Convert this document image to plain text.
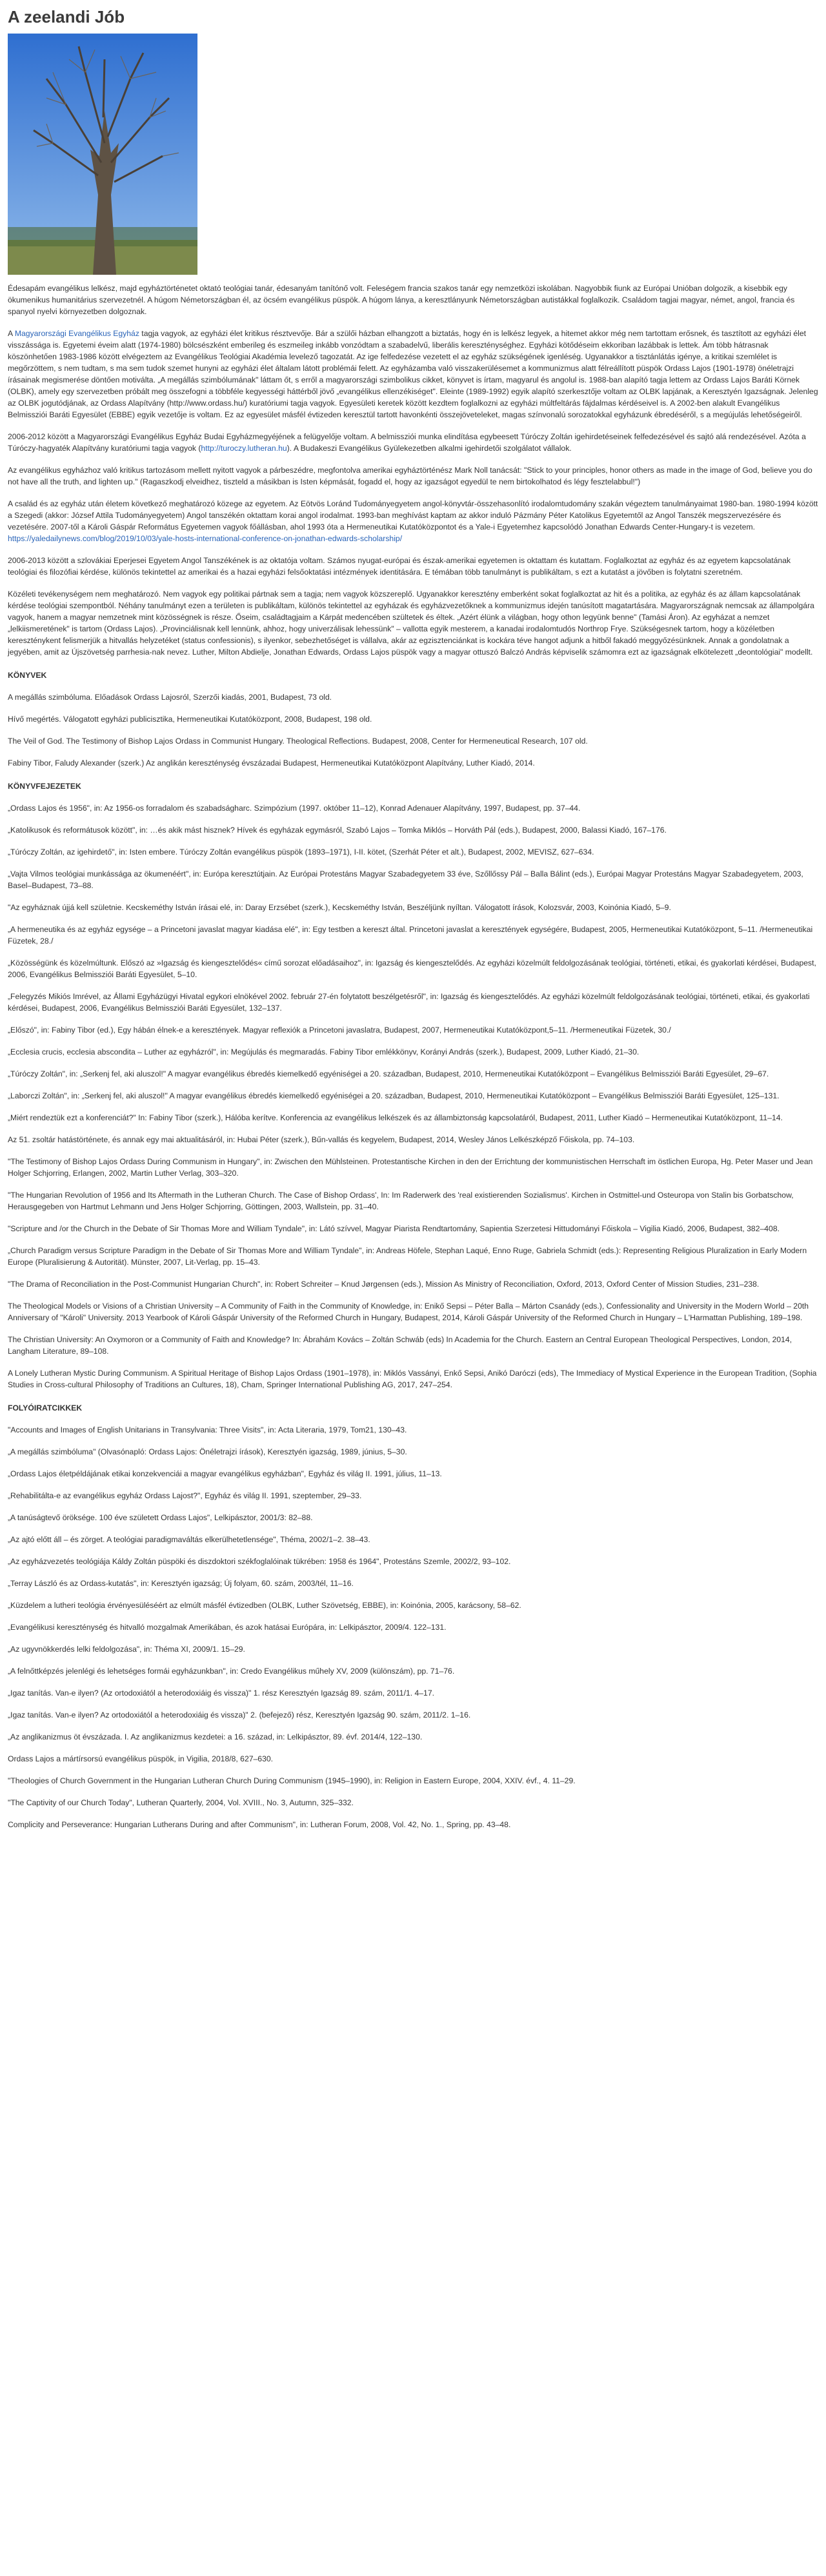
A zeelandi Jób

Édesapám evangélikus lelkész, majd egyháztörténetet oktató teológiai tanár, édesanyám tanítónő volt. Feleségem francia szakos tanár egy nemzetközi iskolában. Nagyobbik fiunk az Európai Unióban dolgozik, a kisebbik egy ökumenikus humanitárius szervezetnél. A húgom Németországban él, az öcsém evangélikus püspök. A húgom lánya, a keresztlányunk Németországban autistákkal foglalkozik. Családom tagjai magyar, német, angol, francia és spanyol nyelvi környezetben dolgoznak.

A Magyarországi Evangélikus Egyház tagja vagyok, az egyházi élet kritikus résztvevője. Bár a szülői házban elhangzott a biztatás, hogy én is lelkész legyek, a hitemet akkor még nem tartottam erősnek, és tasztított az egyházi élet visszássága is. Egyetemi éveim alatt (1974-1980) bölcsészként emberileg és eszmeileg inkább vonzódtam a szabadelvű, liberális kereszténységhez. Egyházi kötődéseim ekkoriban lazábbak is lettek. Ám több hátrasnak köszönhetően 1983-1986 között elvégeztem az Evangélikus Teológiai Akadémia levelező tagozatát. Az ige felfedezése vezetett el az egyház szükségének igenléség. Ugyanakkor a tisztánlátás igénye, a kritikai szemlélet is megőrzöttem, s nem tudtam, s ma sem tudok szemet hunyni az egyházi élet általam látott problémái felett. Az egyházamba való visszakerülésemet a kommunizmus alatt félreállított püspök Ordass Lajos (1901-1978) önéletrajzi írásainak megismerése döntően motiválta. „A megállás szimbólumának" láttam őt, s erről a magyarországi szimbolikus cikket, könyvet is írtam, magyarul és angolul is. 1988-ban alapító tagja lettem az Ordass Lajos Baráti Körnek (OLBK), amely egy szervezetben próbált meg összefogni a többféle kegyességi háttérből jövő „evangélikus ellenzékiséget". Eleinte (1989-1992) egyik alapító szerkesztője voltam az OLBK lapjának, a Keresztyén Igazságnak. Jelenleg az OLBK jogutódjának, az Ordass Alapítvány (http://www.ordass.hu/) kuratóriumi tagja vagyok. Egyesületi keretek között kezdtem foglalkozni az egyházi múltfeltárás fájdalmas kérdéseivel is. A 2002-ben alakult Evangélikus Belmissziói Baráti Egyesület (EBBE) egyik vezetője is voltam. Ez az egyesület másfél évtizeden keresztül tartott havonkénti összejöveteleket, magas színvonalú sorozatokkal egyházunk ébredéséről, s a megújulás lehetőségeiről.

2006-2012 között a Magyarországi Evangélikus Egyház Budai Egyházmegyéjének a felügyelője voltam. A belmissziói munka elindítása egybeesett Túróczy Zoltán igehirdetéseinek felfedezésével és sajtó alá rendezésével. Azóta a Túróczy-hagyaték Alapítvány kuratóriumi tagja vagyok (http://turoczy.lutheran.hu). A Budakeszi Evangélikus Gyülekezetben alkalmi igehirdetői szolgálatot vállalok.

Az evangélikus egyházhoz való kritikus tartozásom mellett nyitott vagyok a párbeszédre, megfontolva amerikai egyháztörténész Mark Noll tanácsát: "Stick to your principles, honor others as made in the image of God, believe you do not have all the truth, and lighten up." (Ragaszkodj elveidhez, tiszteld a másikban is Isten képmását, fogadd el, hogy az igazságot egyedül te nem birtokolhatod és légy fesztelabbul!")

A család és az egyház után életem következő meghatározó közege az egyetem. Az Eötvös Loránd Tudományegyetem angol-könyvtár-összehasonlító irodalomtudomány szakán végeztem tanulmányaimat 1980-ban. 1980-1994 között a Szegedi (akkor: József Attila Tudományegyetem) Angol tanszékén oktattam korai angol irodalmat. 1993-ban meghívást kaptam az akkor induló Pázmány Péter Katolikus Egyetemtől az Angol Tanszék megszervezésére és vezetésére. 2007-től a Károli Gáspár Református Egyetemen vagyok főállásban, ahol 1993 óta a Hermeneutikai Kutatóközpontot és a Yale-i Egyetemhez kapcsolódó Jonathan Edwards Center-Hungary-t is vezetem. https://yaledailynews.com/blog/2019/10/03/yale-hosts-international-conference-on-jonathan-edwards-scholarship/

2006-2013 között a szlovákiai Eperjesei Egyetem Angol Tanszékének is az oktatója voltam. Számos nyugat-európai és észak-amerikai egyetemen is oktattam és kutattam. Foglalkoztat az egyház és az egyetem kapcsolatának teológiai és filozófiai kérdése, különös tekintettel az amerikai és a hazai egyházi felsőoktatási intézmények identitására. E témában több tanulmányt is publikáltam, s ezt a kutatást a jövőben is folytatni szeretném.

Közéleti tevékenységem nem meghatározó. Nem vagyok egy politikai pártnak sem a tagja; nem vagyok közszereplő. Ugyanakkor keresztény emberként sokat foglalkoztat az hit és a politika, az egyház és az állam kapcsolatának kérdése teológiai szempontból. Néhány tanulmányt ezen a területen is publikáltam, különös tekintettel az egyházak és egyházvezetőknek a kommunizmus idején tanúsított magatartására. Magyarországnak nemcsak az állampolgára vagyok, hanem a magyar nemzetnek mint közösségnek is része. Őseim, családtagjaim a Kárpát medencében szültetek és éltek. „Azért élünk a világban, hogy othon legyünk benne" (Tamási Áron). Az egyházat a nemzet „lelkiismeretének" is tartom (Ordass Lajos). „Provinciálisnak kell lennünk, ahhoz, hogy univerzálisak lehessünk" – vallotta egyik mesterem, a kanadai irodalomtudós Northrop Frye. Szükségesnek tartom, hogy a közéletben kereszténykent felismerjük a hitvallás helyzetéket (status confessionis), s ilyenkor, sebezhetőséget is vállalva, akár az egzisztenciánkat is kockára téve hangot adjunk a hitből fakadó meggyőzésünknek. Annak a gondolatnak a jegyében, amit az Újszövetség parrhesia-nak nevez. Luther, Milton Abdielje, Jonathan Edwards, Ordass Lajos püspök vagy a magyar ottuszó Balczó András képviselik számomra ezt az igazságnak elkötelezett „deontológiai" modellt.

KÖNYVEK

A megállás szimbóluma. Előadások Ordass Lajosról, Szerzői kiadás, 2001, Budapest, 73 old.

Hívő megértés. Válogatott egyházi publicisztika, Hermeneutikai Kutatóközpont, 2008, Budapest, 198 old.

The Veil of God. The Testimony of Bishop Lajos Ordass in Communist Hungary. Theological Reflections. Budapest, 2008, Center for Hermeneutical Research, 107 old.

Fabiny Tibor, Faludy Alexander (szerk.) Az anglikán kereszténység évszázadai Budapest, Hermeneutikai Kutatóközpont Alapítvány, Luther Kiadó, 2014.

KÖNYVFEJEZETEK

„Ordass Lajos és 1956", in: Az 1956-os forradalom és szabadságharc. Szimpózium (1997. október 11–12), Konrad Adenauer Alapítvány, 1997, Budapest, pp. 37–44.

„Katolikusok és reformátusok között", in: …és akik mást hisznek? Hívek és egyházak egymásról, Szabó Lajos – Tomka Miklós – Horváth Pál (eds.), Budapest, 2000, Balassi Kiadó, 167–176.

„Túróczy Zoltán, az igehirdető", in: Isten embere. Túróczy Zoltán evangélikus püspök (1893–1971), I-II. kötet, (Szerhát Péter et alt.), Budapest, 2002, MEVISZ, 627–634.

„Vajta Vilmos teológiai munkássága az ökumenéért", in: Európa keresztútjain. Az Európai Protestáns Magyar Szabadegyetem 33 éve, Szőllőssy Pál – Balla Bálint (eds.), Európai Magyar Protestáns Magyar Szabadegyetem, 2003, Basel–Budapest, 73–88.

"Az egyháznak újjá kell születnie. Kecskeméthy István írásai elé, in: Daray Erzsébet (szerk.), Kecskeméthy István, Beszéljünk nyíltan. Válogatott írások, Kolozsvár, 2003, Koinónia Kiadó, 5–9.

„A hermeneutika és az egyház egysége – a Princetoni javaslat magyar kiadása elé", in: Egy testben a kereszt által. Princetoni javaslat a keresztények egységére, Budapest, 2005, Hermeneutikai Kutatóközpont, 5–11. /Hermeneutikai Füzetek, 28./

„Közösségünk és közelmúltunk. Előszó az »Igazság és kiengesztelődés« című sorozat előadásaihoz", in: Igazság és kiengesztelődés. Az egyházi közelmúlt feldolgozásának teológiai, történeti, etikai, és gyakorlati kérdései, Budapest, 2006, Evangélikus Belmissziói Baráti Egyesület, 5–10.

„Felegyzés Mikiós Imrével, az Állami Egyházügyi Hivatal egykori elnökével 2002. február 27-én folytatott beszélgetésről", in: Igazság és kiengesztelődés. Az egyházi közelmúlt feldolgozásának teológiai, történeti, etikai, és gyakorlati kérdései, Budapest, 2006, Evangélikus Belmissziói Baráti Egyesület, 132–137.

„Előszó", in: Fabiny Tibor (ed.), Egy hábán élnek-e a keresztények. Magyar reflexiók a Princetoni javaslatra, Budapest, 2007, Hermeneutikai Kutatóközpont,5–11. /Hermeneutikai Füzetek, 30./

„Ecclesia crucis, ecclesia absconditа – Luther az egyházról", in: Megújulás és megmaradás. Fabiny Tibor emlékkönyv, Korányi András (szerk.), Budapest, 2009, Luther Kiadó, 21–30.

„Túróczy Zoltán", in: „Serkenj fel, aki aluszol!" A magyar evangélikus ébredés kiemelkedő egyéniségei a 20. században, Budapest, 2010, Hermeneutikai Kutatóközpont – Evangélikus Belmissziói Baráti Egyesület, 29–67.

„Laborczi Zoltán", in: „Serkenj fel, aki aluszol!" A magyar evangélikus ébredés kiemelkedő egyéniségei a 20. században, Budapest, 2010, Hermeneutikai Kutatóközpont – Evangélikus Belmissziói Baráti Egyesület, 125–131.

„Miért rendeztük ezt a konferenciát?" In: Fabiny Tibor (szerk.), Hálóba kerítve. Konferencia az evangélikus lelkészek és az állambiztonság kapcsolatáról, Budapest, 2011, Luther Kiadó – Hermeneutikai Kutatóközpont, 11–14.

Az 51. zsoltár hatástörténete, és annak egy mai aktualitásáról, in: Hubai Péter (szerk.), Bűn-vallás és kegyelem, Budapest, 2014, Wesley János Lelkészképző Főiskola, pp. 74–103.

"The Testimony of Bishop Lajos Ordass During Communism in Hungary", in: Zwischen den Mühlsteinen. Protestantische Kirchen in den der Errichtung der kommunistischen Herrschaft im östlichen Europa, Hg. Peter Maser und Jean Holger Schjorring, Erlangen, 2002, Martin Luther Verlag, 303–320.

"The Hungarian Revolution of 1956 and Its Aftermath in the Lutheran Church. The Case of Bishop Ordass', In: Im Raderwerk des 'real existierenden Sozialismus'. Kirchen in Ostmittel-und Osteuropa von Stalin bis Gorbatschow, Herausgegeben von Hartmut Lehmann und Jens Holger Schjorring, Göttingen, 2003, Wallstein, pp. 31–40.

"Scripture and /or the Church in the Debate of Sir Thomas More and William Tyndale", in: Látó szívvel, Magyar Piarista Rendtartomány, Sapientia Szerzetesi Hittudományi Főiskola – Vigilia Kiadó, 2006, Budapest, 382–408.

„Church Paradigm versus Scripture Paradigm in the Debate of Sir Thomas More and William Tyndale", in: Andreas Höfele, Stephan Laqué, Enno Ruge, Gabriela Schmidt (eds.): Representing Religious Pluralization in Early Modern Europe (Pluralisierung & Autorität). Münster, 2007, Lit-Verlag, pp. 15–43.

"The Drama of Reconciliation in the Post-Communist Hungarian Church", in: Robert Schreiter – Knud Jørgensen (eds.), Mission As Ministry of Reconciliation, Oxford, 2013, Oxford Center of Mission Studies, 231–238.

The Theological Models or Visions of a Christian University – A Community of Faith in the Community of Knowledge, in: Enikő Sepsi – Péter Balla – Márton Csanády (eds.), Confessionality and University in the Modern World – 20th Anniversary of "Károli" University. 2013 Yearbook of Károli Gáspár University of the Reformed Church in Hungary, Budapest, 2014, Károli Gáspár University of the Reformed Church in Hungary – L'Harmattan Publishing, 189–198.

The Christian University: An Oxymoron or a Community of Faith and Knowledge? In: Ábrahám Kovács – Zoltán Schwáb (eds) In Academia for the Church. Eastern an Central European Theological Perspectives, London, 2014, Langham Literature, 89–108.

A Lonely Lutheran Mystic During Communism. A Spiritual Heritage of Bishop Lajos Ordass (1901–1978), in: Miklós Vassányi, Enkő Sepsi, Anikó Daróczi (eds), The Immediacy of Mystical Experience in the European Tradition, (Sophia Studies in Cross-cultural Philosophy of Traditions an Cultures, 18), Cham, Springer International Publishing AG, 2017, 247–254.

FOLYÓIRATCIKKEK

"Accounts and Images of English Unitarians in Transylvania: Three Visits", in: Acta Literaria, 1979, Tom21, 130–43.

„A megállás szimbóluma" (Olvasónapló: Ordass Lajos: Önéletrajzi írások), Keresztyén igazság, 1989, június, 5–30.

„Ordass Lajos életpéldájának etikai konzekvenciái a magyar evangélikus egyházban", Egyház és világ II. 1991, július, 11–13.

„Rehabilitálta-e az evangélikus egyház Ordass Lajost?", Egyház és világ II. 1991, szeptember, 29–33.

„A tanúságtevő öröksége. 100 éve született Ordass Lajos", Lelkipásztor, 2001/3: 82–88.

„Az ajtó előtt áll – és zörget. A teológiai paradigmaváltás elkerülhetetlensége", Théma, 2002/1–2. 38–43.

„Az egyházvezetés teológiája Káldy Zoltán püspöki és diszdoktori székfoglalóinak tükrében: 1958 és 1964", Protestáns Szemle, 2002/2, 93–102.

„Terray László és az Ordass-kutatás", in: Keresztyén igazság; Új folyam, 60. szám, 2003/tél, 11–16.

„Küzdelem a lutheri teológia érvényesüléséért az elmúlt másfél évtizedben (OLBK, Luther Szövetség, EBBE), in: Koinónia, 2005, karácsony, 58–62.

„Evangélikusi kereszténység és hitvalló mozgalmak Amerikában, és azok hatásai Európára, in: Lelkipásztor, 2009/4. 122–131.

„Az ugyvnökkerdés lelki feldolgozása", in: Théma XI, 2009/1. 15–29.

„A felnőttképzés jelenlégi és lehetséges formái egyházunkban", in: Credo Evangélikus műhely XV, 2009 (különszám), pp. 71–76.

„Igaz tanítás. Van-e ilyen? (Az ortodoxiától a heterodoxiáig és vissza)" 1. rész Keresztyén Igazság 89. szám, 2011/1. 4–17.

„Igaz tanítás. Van-e ilyen? Az ortodoxiától a heterodoxiáig és vissza)" 2. (befejező) rész, Keresztyén Igazság 90. szám, 2011/2. 1–16.

„Az anglikanizmus öt évszázada. I. Az anglikanizmus kezdetei: a 16. század, in: Lelkipásztor, 89. évf. 2014/4, 122–130.

Ordass Lajos a mártírsorsú evangélikus püspök, in Vigilia, 2018/8, 627–630.

"Theologies of Church Government in the Hungarian Lutheran Church During Communism (1945–1990), in: Religion in Eastern Europe, 2004, XXIV. évf., 4. 11–29.

"The Captivity of our Church Today", Lutheran Quarterly, 2004, Vol. XVIII., No. 3, Autumn, 325–332.

Complicity and Perseverance: Hungarian Lutherans During and after Communism", in: Lutheran Forum, 2008, Vol. 42, No. 1., Spring, pp. 43–48.
